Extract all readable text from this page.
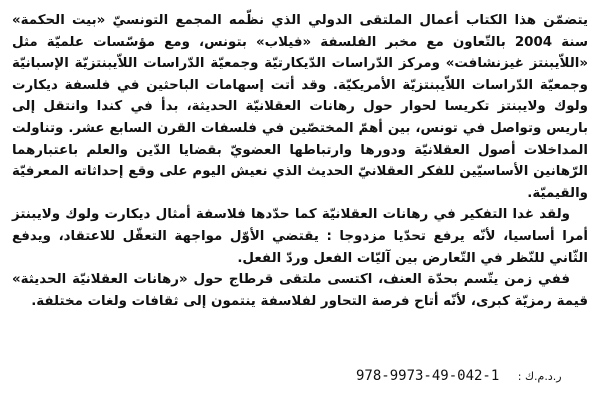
يتضمّن هذا الكتاب أعمال الملتقى الدولي الذي نظّمه المجمع التونسيّ «بيت الحكمة» سنة 2004 بالتّعاون مع مخبر الفلسفة «فيلاب» بتونس، ومع مؤسّسات علميّة مثل «اللاّيبنتز غيزنشافت» ومركز الدّراسات الدّيكارتيّة وجمعيّة الدّراسات اللاّيبنتزيّة الإسبانيّة وجمعيّة الدّراسات اللاّيبنتزيّة الأمريكيّة. وقد أتت إسهامات الباحثين في فلسفة ديكارت ولوك ولايبنتز تكريسا لحوار حول رهانات العقلانيّة الحديثة، بدأ في كندا وانتقل إلى باريس وتواصل في تونس، بين أهمّ المختصّين في فلسفات القرن السابع عشر. وتناولت المداخلات أصول العقلانيّة ودورها وارتباطها العضويّ بقضايا الدّين والعلم باعتبارهما الرّهانين الأساسيّين للفكر العقلانيّ الحديث الذي نعيش اليوم على وقع إحداثاته المعرفيّة والقيميّة.

ولقد غدا التفكير في رهانات العقلانيّة كما حدّدها فلاسفة أمثال ديكارت ولوك ولايبنتز أمرا أساسيا، لأنّه يرفع تحدّيا مزدوجا : يقتضي الأوّل مواجهة التعقّل للاعتقاد، ويدفع الثّاني للنّظر في التّعارض بين آليّات الفعل وردّ الفعل.

ففي زمن يتّسم بحدّة العنف، اكتسى ملتقى قرطاج حول «رهانات العقلانيّة الحديثة» قيمة رمزيّة كبرى، لأنّه أتاح فرصة التحاور لفلاسفة ينتمون إلى ثقافات ولغات مختلفة.

ر.د.م.ك : 978-9973-49-042-1
